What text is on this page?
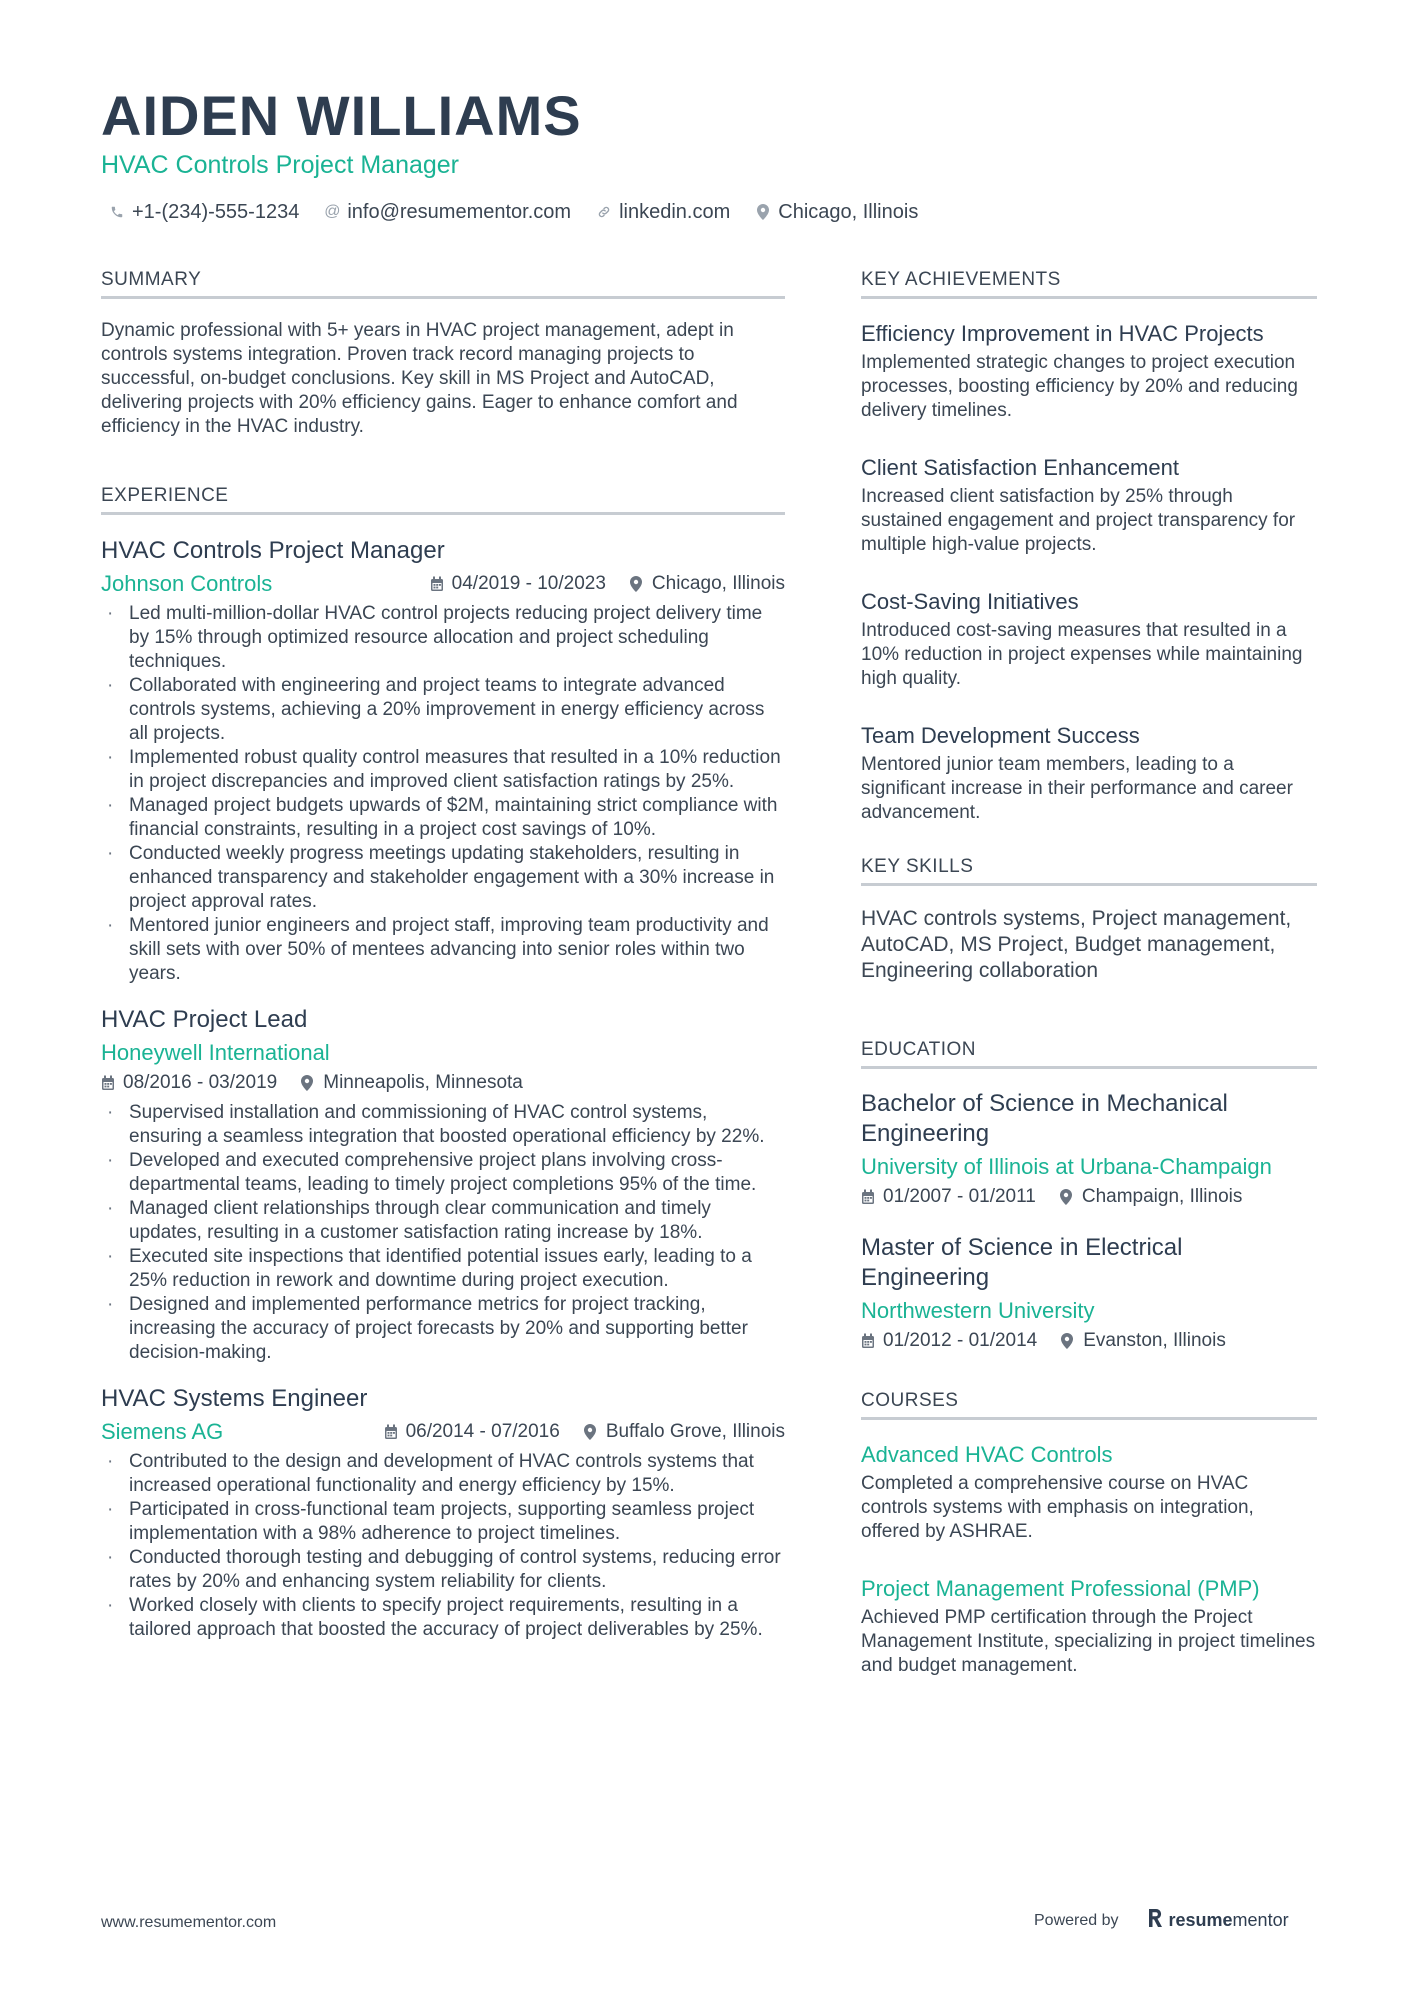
AIDEN WILLIAMS
HVAC Controls Project Manager
+1-(234)-555-1234 @ info@resumementor.com linkedin.com Chicago, Illinois
SUMMARY

Dynamic professional with 5+ years in HVAC project management, adept in controls systems integration. Proven track record managing projects to successful, on-budget conclusions. Key skill in MS Project and AutoCAD, delivering projects with 20% efficiency gains. Eager to enhance comfort and efficiency in the HVAC industry.

EXPERIENCE
HVAC Controls Project Manager
Johnson Controls	04/2019 - 10/2023 Chicago, Illinois
· Led multi-million-dollar HVAC control projects reducing project delivery time by 15% through optimized resource allocation and project scheduling techniques.
· Collaborated with engineering and project teams to integrate advanced controls systems, achieving a 20% improvement in energy efficiency across all projects.
· Implemented robust quality control measures that resulted in a 10% reduction in project discrepancies and improved client satisfaction ratings by 25%.
· Managed project budgets upwards of $2M, maintaining strict compliance with financial constraints, resulting in a project cost savings of 10%.
· Conducted weekly progress meetings updating stakeholders, resulting in enhanced transparency and stakeholder engagement with a 30% increase in project approval rates.
· Mentored junior engineers and project staff, improving team productivity and skill sets with over 50% of mentees advancing into senior roles within two years.
HVAC Project Lead
Honeywell International
08/2016 - 03/2019 Minneapolis, Minnesota
· Supervised installation and commissioning of HVAC control systems, ensuring a seamless integration that boosted operational efficiency by 22%.
· Developed and executed comprehensive project plans involving cross-departmental teams, leading to timely project completions 95% of the time.
· Managed client relationships through clear communication and timely updates, resulting in a customer satisfaction rating increase by 18%.
· Executed site inspections that identified potential issues early, leading to a 25% reduction in rework and downtime during project execution.
· Designed and implemented performance metrics for project tracking, increasing the accuracy of project forecasts by 20% and supporting better decision-making.
HVAC Systems Engineer
Siemens AG	06/2014 - 07/2016 Buffalo Grove, Illinois
· Contributed to the design and development of HVAC controls systems that increased operational functionality and energy efficiency by 15%.
· Participated in cross-functional team projects, supporting seamless project implementation with a 98% adherence to project timelines.
· Conducted thorough testing and debugging of control systems, reducing error rates by 20% and enhancing system reliability for clients.
· Worked closely with clients to specify project requirements, resulting in a tailored approach that boosted the accuracy of project deliverables by 25%.
KEY ACHIEVEMENTS
Efficiency Improvement in HVAC Projects
Implemented strategic changes to project execution processes, boosting efficiency by 20% and reducing delivery timelines.
Client Satisfaction Enhancement
Increased client satisfaction by 25% through sustained engagement and project transparency for multiple high-value projects.
Cost-Saving Initiatives
Introduced cost-saving measures that resulted in a 10% reduction in project expenses while maintaining high quality.
Team Development Success
Mentored junior team members, leading to a significant increase in their performance and career advancement.
KEY SKILLS

HVAC controls systems, Project management, AutoCAD, MS Project, Budget management, Engineering collaboration

EDUCATION
Bachelor of Science in Mechanical Engineering
University of Illinois at Urbana-Champaign
01/2007 - 01/2011 Champaign, Illinois
Master of Science in Electrical Engineering
Northwestern University
01/2012 - 01/2014 Evanston, Illinois
COURSES
Advanced HVAC Controls
Completed a comprehensive course on HVAC controls systems with emphasis on integration, offered by ASHRAE.
Project Management Professional (PMP)
Achieved PMP certification through the Project Management Institute, specializing in project timelines and budget management.
www.resumementor.com	Powered by	resume mentor
